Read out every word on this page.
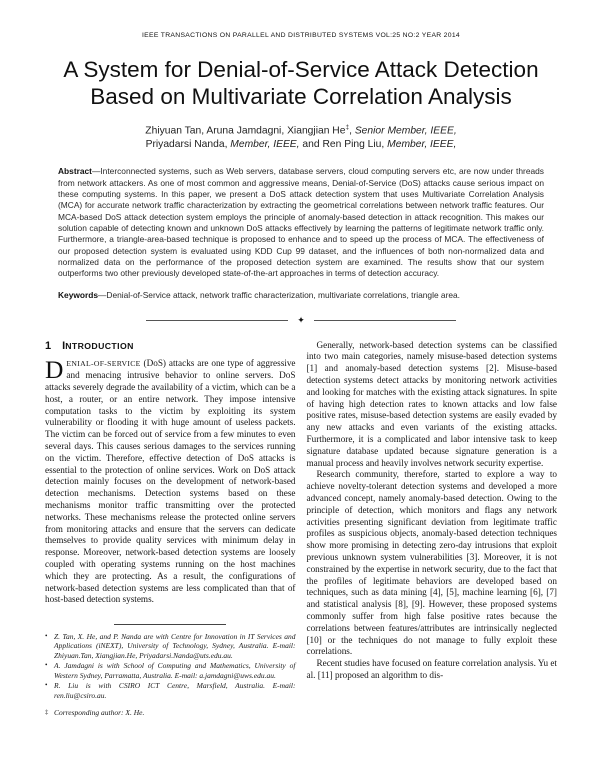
IEEE TRANSACTIONS ON PARALLEL AND DISTRIBUTED SYSTEMS VOL:25 NO:2 YEAR 2014
A System for Denial-of-Service Attack Detection
Based on Multivariate Correlation Analysis
Zhiyuan Tan, Aruna Jamdagni, Xiangjian He‡, Senior Member, IEEE,
Priyadarsi Nanda, Member, IEEE, and Ren Ping Liu, Member, IEEE,

Abstract—Interconnected systems, such as Web servers, database servers, cloud computing servers etc, are now under threads from network attackers. As one of most common and aggressive means, Denial-of-Service (DoS) attacks cause serious impact on these computing systems. In this paper, we present a DoS attack detection system that uses Multivariate Correlation Analysis (MCA) for accurate network traffic characterization by extracting the geometrical correlations between network traffic features. Our MCA-based DoS attack detection system employs the principle of anomaly-based detection in attack recognition. This makes our solution capable of detecting known and unknown DoS attacks effectively by learning the patterns of legitimate network traffic only. Furthermore, a triangle-area-based technique is proposed to enhance and to speed up the process of MCA. The effectiveness of our proposed detection system is evaluated using KDD Cup 99 dataset, and the influences of both non-normalized data and normalized data on the performance of the proposed detection system are examined. The results show that our system outperforms two other previously developed state-of-the-art approaches in terms of detection accuracy.

Keywords—Denial-of-Service attack, network traffic characterization, multivariate correlations, triangle area.

✦
1 INTRODUCTION

DENIAL-OF-SERVICE (DoS) attacks are one type of aggressive and menacing intrusive behavior to online servers. DoS attacks severely degrade the availability of a victim, which can be a host, a router, or an entire network. They impose intensive computation tasks to the victim by exploiting its system vulnerability or flooding it with huge amount of useless packets. The victim can be forced out of service from a few minutes to even several days. This causes serious damages to the services running on the victim. Therefore, effective detection of DoS attacks is essential to the protection of online services. Work on DoS attack detection mainly focuses on the development of network-based detection mechanisms. Detection systems based on these mechanisms monitor traffic transmitting over the protected networks. These mechanisms release the protected online servers from monitoring attacks and ensure that the servers can dedicate themselves to provide quality services with minimum delay in response. Moreover, network-based detection systems are loosely coupled with operating systems running on the host machines which they are protecting. As a result, the configurations of network-based detection systems are less complicated than that of host-based detection systems.

• Z. Tan, X. He, and P. Nanda are with Centre for Innovation in IT Services and Applications (iNEXT), University of Technology, Sydney, Australia. E-mail: Zhiyuan.Tan, Xiangjian.He, Priyadarsi.Nanda@uts.edu.au.
• A. Jamdagni is with School of Computing and Mathematics, University of Western Sydney, Parramatta, Australia. E-mail: a.jamdagni@uws.edu.au.
• R. Liu is with CSIRO ICT Centre, Marsfield, Australia. E-mail: ren.liu@csiro.au.
‡ Corresponding author: X. He.

Generally, network-based detection systems can be classified into two main categories, namely misuse-based detection systems [1] and anomaly-based detection systems [2]. Misuse-based detection systems detect attacks by monitoring network activities and looking for matches with the existing attack signatures. In spite of having high detection rates to known attacks and low false positive rates, misuse-based detection systems are easily evaded by any new attacks and even variants of the existing attacks. Furthermore, it is a complicated and labor intensive task to keep signature database updated because signature generation is a manual process and heavily involves network security expertise.

Research community, therefore, started to explore a way to achieve novelty-tolerant detection systems and developed a more advanced concept, namely anomaly-based detection. Owing to the principle of detection, which monitors and flags any network activities presenting significant deviation from legitimate traffic profiles as suspicious objects, anomaly-based detection techniques show more promising in detecting zero-day intrusions that exploit previous unknown system vulnerabilities [3]. Moreover, it is not constrained by the expertise in network security, due to the fact that the profiles of legitimate behaviors are developed based on techniques, such as data mining [4], [5], machine learning [6], [7] and statistical analysis [8], [9]. However, these proposed systems commonly suffer from high false positive rates because the correlations between features/attributes are intrinsically neglected [10] or the techniques do not manage to fully exploit these correlations.

Recent studies have focused on feature correlation analysis. Yu et al. [11] proposed an algorithm to dis-
